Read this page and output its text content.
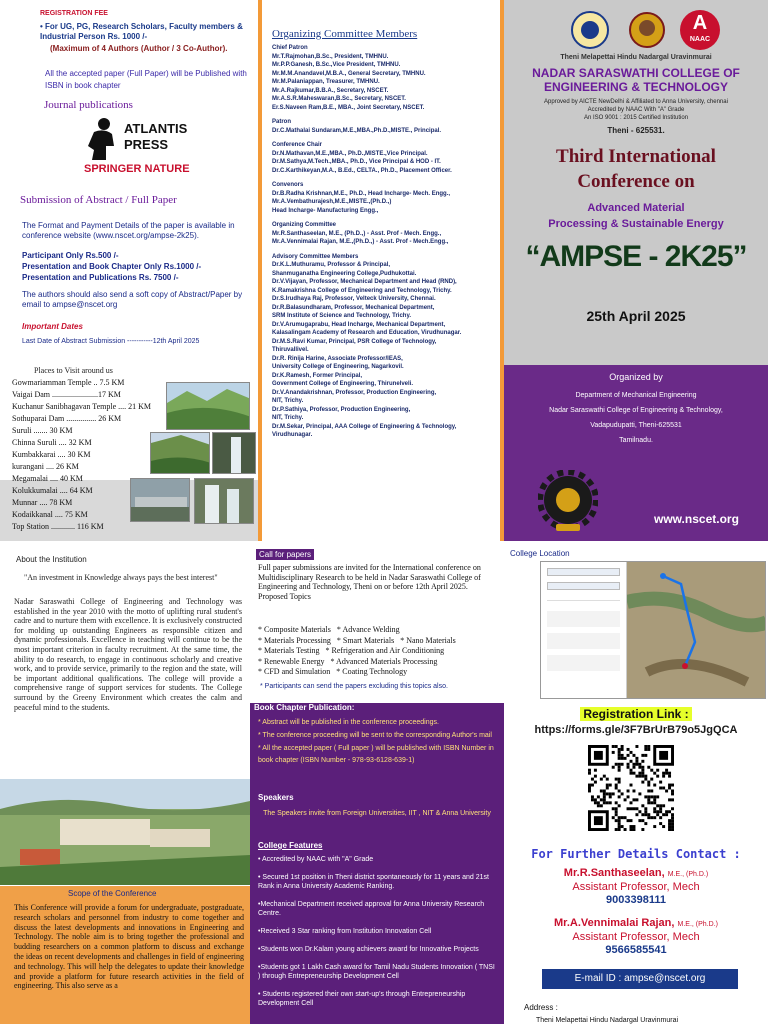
REGISTRATION FEE
• For UG, PG, Research Scholars, Faculty members & Industrial Person Rs. 1000 /-
(Maximum of 4 Authors (Author / 3 Co-Author).
All the accepted paper (Full Paper) will be Published with ISBN in book chapter
Journal publications
ATLANTIS
PRESS
SPRINGER NATURE
Submission of Abstract / Full Paper
The Format and Payment Details of the paper is available in conference website (www.nscet.org/ampse-2k25).
Participant Only Rs.500 /-
Presentation and Book Chapter Only Rs.1000 /-
Presentation and Publications Rs. 7500 /-
The authors should also send a soft copy of Abstract/Paper by email to ampse@nscet.org
Important Dates
Last Date of Abstract Submission -----------12th April 2025
Places to Visit around us
Gowmariamman Temple .. 7.5 KM
Vaigai Dam .......................17 KM
Kuchanur Sanibhagavan Temple .... 21 KM
Sothuparai Dam ............... 26 KM
Suruli ....... 30 KM
Chinna Suruli .... 32 KM
Kumbakkarai .... 30 KM
kurangani .... 26 KM
Megamalai .... 40 KM
Kolukkumalai .... 64 KM
Munnar .... 78 KM
Kodaikkanal .... 75 KM
Top Station ............ 116 KM
Organizing Committee Members
Chief Patron
Mr.T.Rajmohan,B.Sc., President, TMHNU.
Mr.P.P.Ganesh, B.Sc.,Vice President, TMHNU.
Mr.M.M.Anandavel,M.B.A., General Secretary, TMHNU.
Mr.M.Palaniappan, Treasurer, TMHNU.
Mr.A.Rajkumar,B.B.A., Secretary, NSCET.
Mr.A.S.R.Maheswaran,B.Sc., Secretary, NSCET.
Er.S.Naveen Ram,B.E., MBA., Joint Secretary, NSCET.
Patron
Dr.C.Mathalai Sundaram,M.E.,MBA.,Ph.D.,MISTE., Principal.
Conference Chair
Dr.N.Mathavan,M.E.,MBA., Ph.D.,MISTE.,Vice Principal.
Dr.M.Sathya,M.Tech.,MBA., Ph.D., Vice Principal & HOD - IT.
Dr.C.Karthikeyan,M.A., B.Ed., CELTA., Ph.D., Placement Officer.
Convenors
Dr.B.Radha Krishnan,M.E., Ph.D., Head Incharge- Mech. Engg.,
Mr.A.Vembathurajesh,M.E.,MISTE.,(Ph.D.,)
Head Incharge- Manufacturing Engg.,
Organizing Committee
Mr.R.Santhaseelan, M.E., (Ph.D.,) - Asst. Prof - Mech. Engg.,
Mr.A.Vennimalai Rajan, M.E.,(Ph.D.,) - Asst. Prof - Mech.Engg.,
Advisory Committee Members
Dr.K.L.Muthuramu, Professor & Principal,
Shanmuganatha Engineering College,Pudhukottai.
Dr.V.Vijayan, Professor, Mechanical Department and Head (RND),
K.Ramakrishna College of Engineering and Technology, Trichy.
Dr.S.Irudhaya Raj, Professor, Velteck University, Chennai.
Dr.R.Balasundharam, Professor, Mechanical Department,
SRM Institute of Science and Technology, Trichy.
Dr.V.Arumugaprabu, Head Incharge, Mechanical Department,
Kalasalingam Academy of Research and Education, Virudhunagar.
Dr.M.S.Ravi Kumar, Principal, PSR College of Technology,
Thiruvallivel.
Dr.R. Rinija Harine, Associate Professor/IEAS,
University College of Engineering, Nagarkovil.
Dr.K.Ramesh, Former Principal,
Government College of Engineering, Thirunelveli.
Dr.V.Anandakrishnan, Professor, Production Engineering,
NIT, Trichy.
Dr.P.Sathiya, Professor, Production Engineering,
NIT, Trichy.
Dr.M.Sekar, Principal, AAA College of Engineering & Technology,
Virudhunagar.
A
NAAC
Theni Melapettai Hindu Nadargal Uravinmurai
NADAR SARASWATHI COLLEGE OF ENGINEERING & TECHNOLOGY
Approved by AICTE NewDelhi & Affiliated to Anna University, chennai
Accredited by NAAC With "A" Grade
An ISO 9001 : 2015 Certified Institution
Theni - 625531.
Third International
Conference on
Advanced Material
Processing & Sustainable Energy
“AMPSE - 2K25”
25th April 2025
Organized by
Department of Mechanical Engineering
Nadar Saraswathi College of Engineering & Technology,
Vadapudupatti, Theni-625531
Tamilnadu.
www.nscet.org
About the Institution
"An investment in Knowledge always pays the best interest"
Nadar Saraswathi College of Engineering and Technology was established in the year 2010 with the motto of uplifting rural student's cadre and to nurture them with excellence. It is exclusively constructed for molding up outstanding Engineers as responsible citizen and dynamic professionals. Excellence in teaching will continue to be the most important criterion in faculty recruitment. At the same time, the ability to do research, to engage in continuous scholarly and creative work, and to provide service, primarily to the region and the state, will be important additional qualifications. The college will provide a comprehensive range of support services for students. The College surround by the Greeny Environment which creates the calm and peaceful mind to the students.
Scope of the Conference
This Conference will provide a forum for undergraduate, postgraduate, research scholars and personnel from industry to come together and discuss the latest developments and innovations in Engineering and Technology. The noble aim is to bring together the professional and budding researchers on a common platform to discuss and exchange the ideas on recent developments and challenges in field of engineering and technology. This will help the delegates to update their knowledge and provide a platform for future research activities in the field of engineering. This also serve as a
Call for papers
Full paper submissions are invited for the International conference on Multidisciplinary Research to be held in Nadar Saraswathi College of Engineering and Technology, Theni on or before 12th April 2025.
Proposed Topics
* Composite Materials * Advance Welding
* Materials Processing * Smart Materials * Nano Materials
* Materials Testing * Refrigeration and Air Conditioning
* Renewable Energy * Advanced Materials Processing
* CFD and Simulation * Coating Technology
* Participants can send the papers excluding this topics also.
Book Chapter Publication:
* Abstract will be published in the conference proceedings.
* The conference proceeding will be sent to the corresponding Author's mail
* All the accepted paper ( Full paper ) will be published with ISBN Number in book chapter (ISBN Number - 978-93-6128-639-1)
Speakers
The Speakers invite from Foreign Universities, IIT , NIT & Anna University
College Features
• Accredited by NAAC with "A" Grade
• Secured 1st position in Theni district spontaneously for 11 years and 21st Rank in Anna University Academic Ranking.
•Mechanical Department received approval for Anna University Research Centre.
•Received 3 Star ranking from Institution Innovation Cell
•Students won Dr.Kalam young achievers award for Innovative Projects
•Students got 1 Lakh Cash award for Tamil Nadu Students Innovation ( TNSI ) through Entrepreneurship Development Cell
• Students registered their own start-up's through Entrepreneurship Development Cell
College Location
Registration Link :
https://forms.gle/3F7BrUrB79o5JgQCA
For Further Details Contact :
Mr.R.Santhaseelan, M.E., (Ph.D.)
Assistant Professor, Mech
9003398111
Mr.A.Vennimalai Rajan, M.E., (Ph.D.)
Assistant Professor, Mech
9566585541
E-mail ID : ampse@nscet.org
Address :
Theni Melapettai Hindu Nadargal Uravinmurai
